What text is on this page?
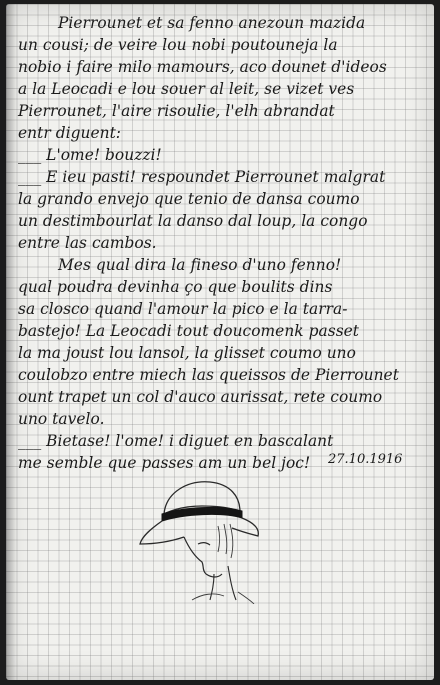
Pierrounet et sa fenno anezoun mazida
un cousi; de veire lou nobi poutouneja la
nobio i faire milo mamours, aco dounet d'ideos
a la Leocadi e lou souer al leit, se vizet ves
Pierrounet, l'aire risoulie, l'elh abrandat
entr diguent:
___ L'ome! bouzzi!
___ E ieu pasti! respoundet Pierrounet malgrat
la grando envejo que tenio de dansa coumo
un destimbourlat la danso dal loup, la congo
entre las cambos.
Mes qual dira la fineso d'uno fenno!
qual poudra devinha ço que boulits dins
sa closco quand l'amour la pico e la tarra-
bastejo! La Leocadi tout doucomenk passet
la ma joust lou lansol, la glisset coumo uno
coulobzo entre miech las queissos de Pierrounet
ount trapet un col d'auco aurissat, rete coumo
uno tavelo.
___ Bietase! l'ome! i diguet en bascalant
me semble que passes am un bel joc!	27.10.1916
